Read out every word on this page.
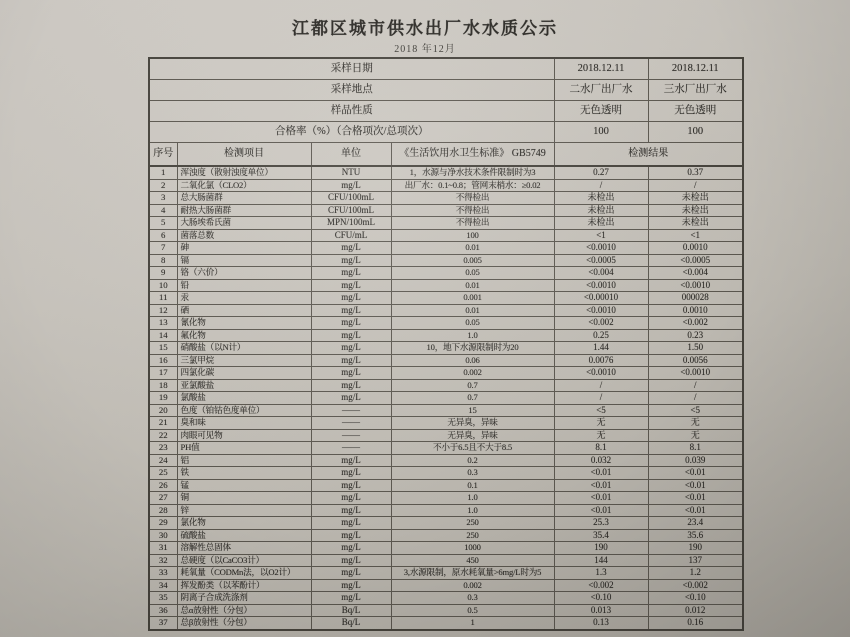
江都区城市供水出厂水水质公示
2018 年12月
采样日期				2018.12.11	2018.12.11
采样地点				二水厂出厂水	三水厂出厂水
样品性质				无色透明	无色透明
合格率（%）（合格项次/总项次）				100	100
序号	检测项目	单位	《生活饮用水卫生标准》 GB5749	检测结果	
1	浑浊度（散射浊度单位）	NTU	1，水源与净水技术条件限制时为3	0.27	0.37
2	二氧化氯（CLO2）	mg/L	出厂水：0.1~0.8；管网末梢水：≥0.02	/	/
3	总大肠菌群	CFU/100mL	不得检出	未检出	未检出
4	耐热大肠菌群	CFU/100mL	不得检出	未检出	未检出
5	大肠埃希氏菌	MPN/100mL	不得检出	未检出	未检出
6	菌落总数	CFU/mL	100	<1	<1
7	砷	mg/L	0.01	<0.0010	0.0010
8	镉	mg/L	0.005	<0.0005	<0.0005
9	铬（六价）	mg/L	0.05	<0.004	<0.004
10	铅	mg/L	0.01	<0.0010	<0.0010
11	汞	mg/L	0.001	<0.00010	000028
12	硒	mg/L	0.01	<0.0010	0.0010
13	氰化物	mg/L	0.05	<0.002	<0.002
14	氟化物	mg/L	1.0	0.25	0.23
15	硝酸盐（以N计）	mg/L	10，地下水源限制时为20	1.44	1.50
16	三氯甲烷	mg/L	0.06	0.0076	0.0056
17	四氯化碳	mg/L	0.002	<0.0010	<0.0010
18	亚氯酸盐	mg/L	0.7	/	/
19	氯酸盐	mg/L	0.7	/	/
20	色度（铂钴色度单位）	——	15	<5	<5
21	臭和味	——	无异臭，异味	无	无
22	肉眼可见物	——	无异臭，异味	无	无
23	PH值	——	不小于6.5且不大于8.5	8.1	8.1
24	铝	mg/L	0.2	0.032	0.039
25	铁	mg/L	0.3	<0.01	<0.01
26	锰	mg/L	0.1	<0.01	<0.01
27	铜	mg/L	1.0	<0.01	<0.01
28	锌	mg/L	1.0	<0.01	<0.01
29	氯化物	mg/L	250	25.3	23.4
30	硫酸盐	mg/L	250	35.4	35.6
31	溶解性总固体	mg/L	1000	190	190
32	总硬度（以CaCO3计）	mg/L	450	144	137
33	耗氧量（CODMn法，以O2计）	mg/L	3,水源限制，原水耗氧量>6mg/L时为5	1.3	1.2
34	挥发酚类（以苯酚计）	mg/L	0.002	<0.002	<0.002
35	阴离子合成洗涤剂	mg/L	0.3	<0.10	<0.10
36	总α放射性（分包）	Bq/L	0.5	0.013	0.012
37	总β放射性（分包）	Bq/L	1	0.13	0.16
